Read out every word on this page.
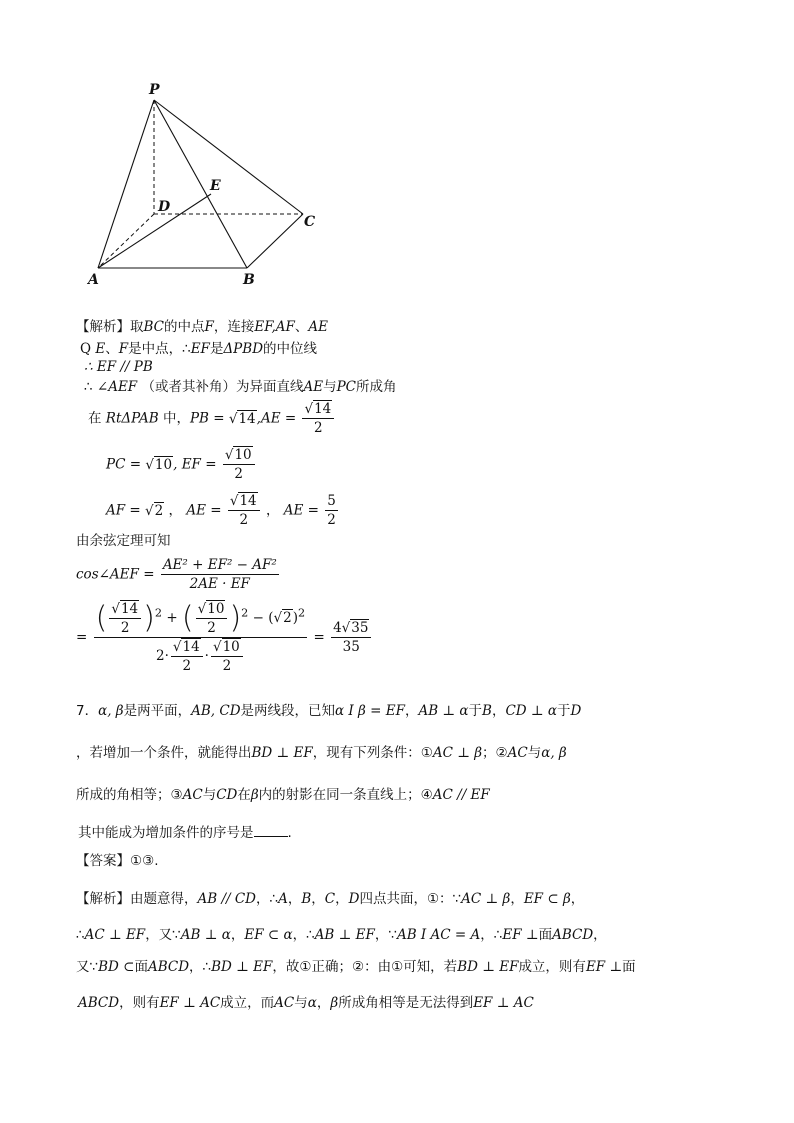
P
D
E
C
A	B
【解析】取BC的中点F，连接EF,AF、AE
Q E、F是中点，∴EF是ΔPBD的中位线
∴ EF // PB
∴ ∠AEF （或者其补角）为异面直线AE与PC所成角
在 RtΔPAB 中，PB = $√14,AE = \frac{√14}{2}$
PC = √10, EF = $\frac{√10}{2}$
AF = √2 ， AE = $\frac{√14}{2}$ ， AE = $\frac{5}{2}$
由余弦定理可知
cos∠AEF = $\frac{\text{AE² + EF² − AF²}}{2AE \cdot EF}$
= $\frac{( \frac{√14}{2} )^2 + ( \frac{√10}{2} )^2 - (√2)^2}{2\cdot \frac{√14}{2} \cdot \frac{√10}{2}} = \frac{4√35}{35}$
7．α, β是两平面，AB, CD是两线段，已知α I β = EF，AB ⊥ α于B，CD ⊥ α于D
，若增加一个条件，就能得出BD ⊥ EF，现有下列条件：①AC ⊥ β；②AC与α, β
所成的角相等；③AC与CD在β内的射影在同一条直线上；④AC // EF
其中能成为增加条件的序号是	.
【答案】①③.
【解析】由题意得，AB // CD，∴A，B，C，D四点共面，①：∵AC ⊥ β，EF ⊂ β，
∴AC ⊥ EF，又∵AB ⊥ α，EF ⊂ α，∴AB ⊥ EF，∵AB I AC = A，∴EF ⊥面ABCD，
又∵BD ⊂面ABCD，∴BD ⊥ EF，故①正确；②：由①可知，若BD ⊥ EF成立，则有EF ⊥面
ABCD，则有EF ⊥ AC成立，而AC与α，β所成角相等是无法得到EF ⊥ AC
